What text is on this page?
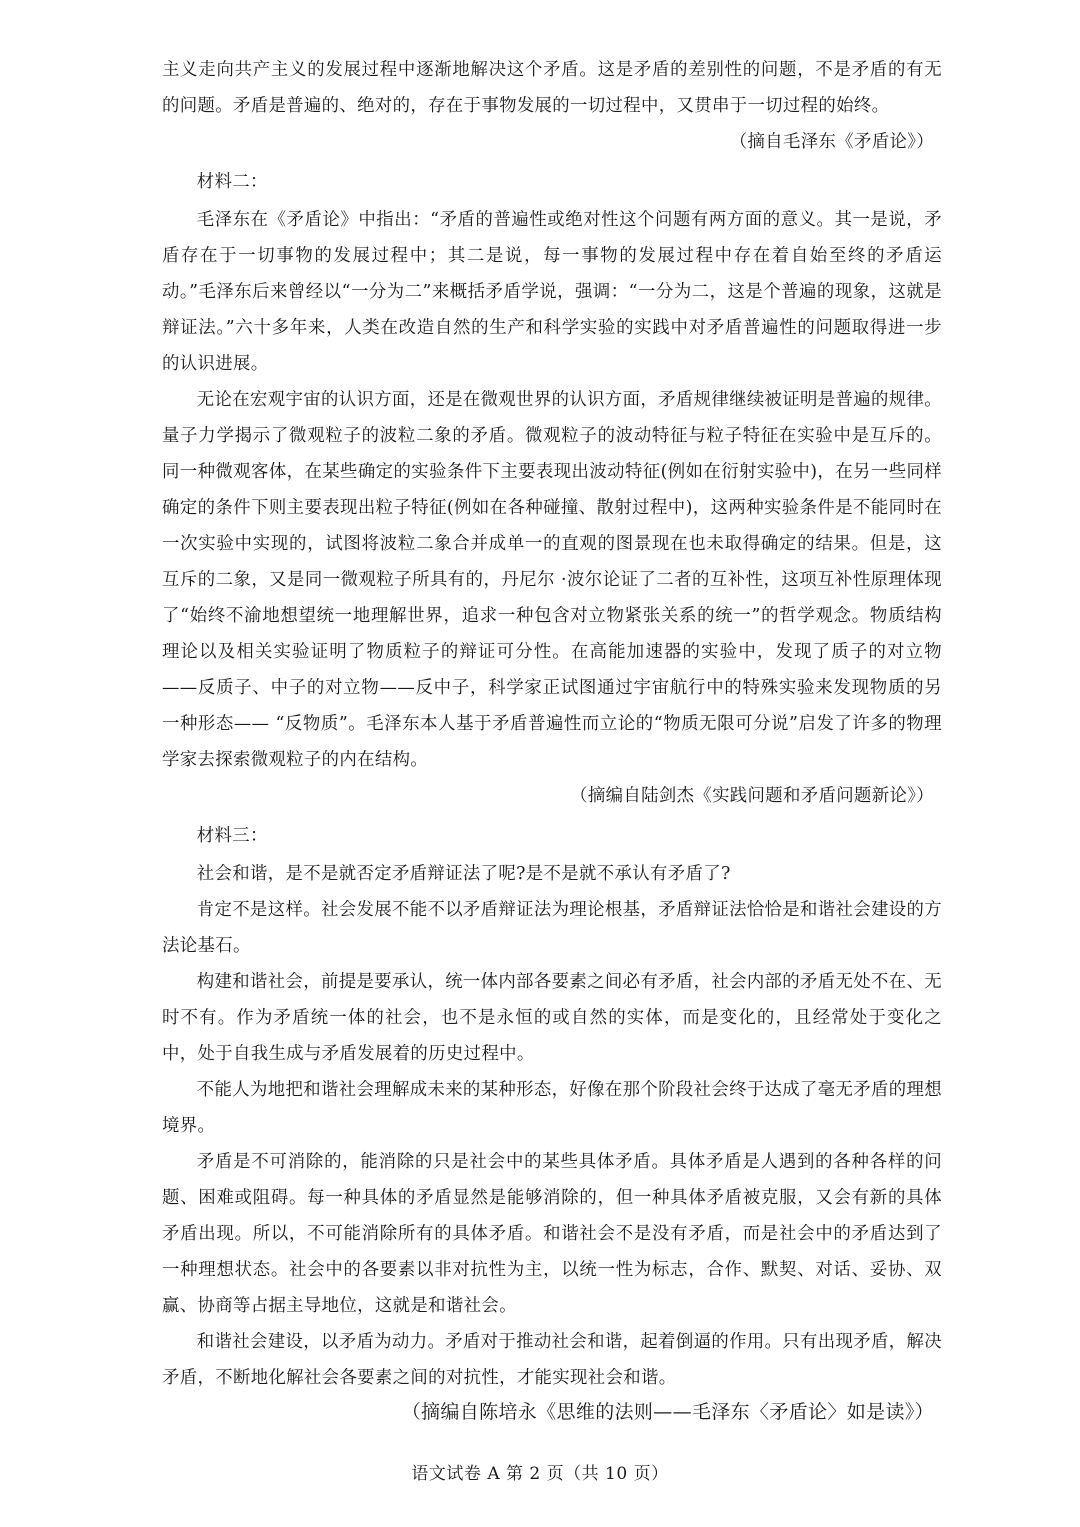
主义走向共产主义的发展过程中逐渐地解决这个矛盾。这是矛盾的差别性的问题，不是矛盾的有无的问题。矛盾是普遍的、绝对的，存在于事物发展的一切过程中，又贯串于一切过程的始终。

（摘自毛泽东《矛盾论》）

材料二：

毛泽东在《矛盾论》中指出：“矛盾的普遍性或绝对性这个问题有两方面的意义。其一是说，矛盾存在于一切事物的发展过程中；其二是说，每一事物的发展过程中存在着自始至终的矛盾运动。”毛泽东后来曾经以“一分为二”来概括矛盾学说，强调：“一分为二，这是个普遍的现象，这就是辩证法。”六十多年来，人类在改造自然的生产和科学实验的实践中对矛盾普遍性的问题取得进一步的认识进展。

无论在宏观宇宙的认识方面，还是在微观世界的认识方面，矛盾规律继续被证明是普遍的规律。量子力学揭示了微观粒子的波粒二象的矛盾。微观粒子的波动特征与粒子特征在实验中是互斥的。同一种微观客体，在某些确定的实验条件下主要表现出波动特征(例如在衍射实验中)，在另一些同样确定的条件下则主要表现出粒子特征(例如在各种碰撞、散射过程中)，这两种实验条件是不能同时在一次实验中实现的，试图将波粒二象合并成单一的直观的图景现在也未取得确定的结果。但是，这互斥的二象，又是同一微观粒子所具有的，丹尼尔 ·波尔论证了二者的互补性，这项互补性原理体现了“始终不渝地想望统一地理解世界，追求一种包含对立物紧张关系的统一”的哲学观念。物质结构理论以及相关实验证明了物质粒子的辩证可分性。在高能加速器的实验中，发现了质子的对立物——反质子、中子的对立物——反中子，科学家正试图通过宇宙航行中的特殊实验来发现物质的另一种形态—— “反物质”。毛泽东本人基于矛盾普遍性而立论的“物质无限可分说”启发了许多的物理学家去探索微观粒子的内在结构。

（摘编自陆剑杰《实践问题和矛盾问题新论》）

材料三：

社会和谐，是不是就否定矛盾辩证法了呢?是不是就不承认有矛盾了?

肯定不是这样。社会发展不能不以矛盾辩证法为理论根基，矛盾辩证法恰恰是和谐社会建设的方法论基石。

构建和谐社会，前提是要承认，统一体内部各要素之间必有矛盾，社会内部的矛盾无处不在、无时不有。作为矛盾统一体的社会，也不是永恒的或自然的实体，而是变化的，且经常处于变化之中，处于自我生成与矛盾发展着的历史过程中。

不能人为地把和谐社会理解成未来的某种形态，好像在那个阶段社会终于达成了毫无矛盾的理想境界。

矛盾是不可消除的，能消除的只是社会中的某些具体矛盾。具体矛盾是人遇到的各种各样的问题、困难或阻碍。每一种具体的矛盾显然是能够消除的，但一种具体矛盾被克服，又会有新的具体矛盾出现。所以，不可能消除所有的具体矛盾。和谐社会不是没有矛盾，而是社会中的矛盾达到了一种理想状态。社会中的各要素以非对抗性为主，以统一性为标志，合作、默契、对话、妥协、双赢、协商等占据主导地位，这就是和谐社会。

和谐社会建设，以矛盾为动力。矛盾对于推动社会和谐，起着倒逼的作用。只有出现矛盾，解决矛盾，不断地化解社会各要素之间的对抗性，才能实现社会和谐。

（摘编自陈培永《思维的法则——毛泽东〈矛盾论〉如是读》）

语文试卷 A 第 2 页（共 10 页）
